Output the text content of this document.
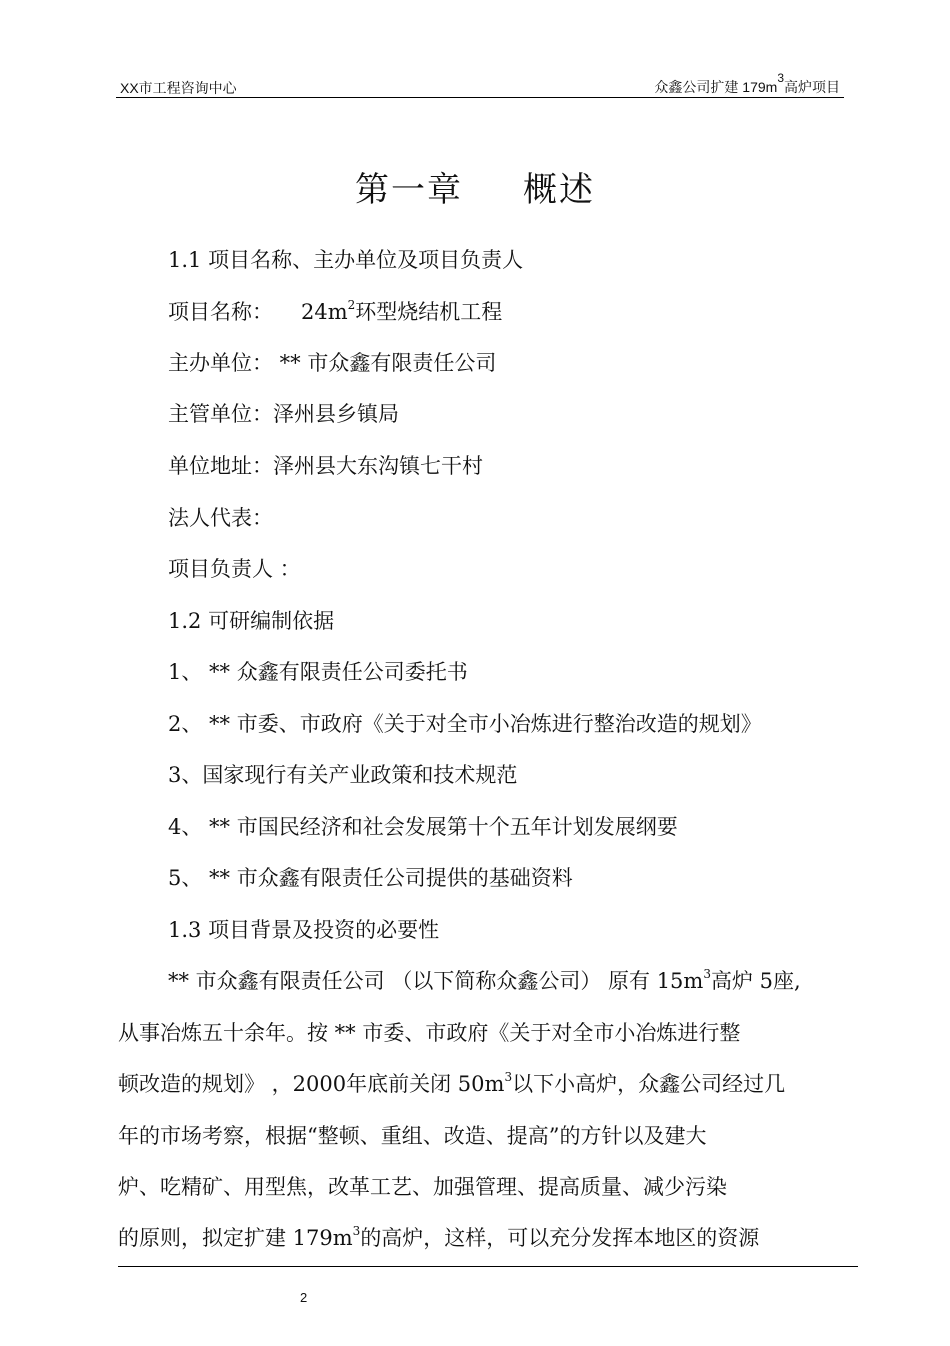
XX市工程咨询中心	众鑫公司扩建 $179m^3$高炉项目
第一章 概述
1.1 项目名称、主办单位及项目负责人
项目名称： $24m^2$环型烧结机工程
主办单位： ** 市众鑫有限责任公司
主管单位：泽州县乡镇局
单位地址：泽州县大东沟镇七干村
法人代表：
项目负责人 ：
1.2 可研编制依据
1、 ** 众鑫有限责任公司委托书
2、 ** 市委、市政府《关于对全市小冶炼进行整治改造的规划》
3、国家现行有关产业政策和技术规范
4、 ** 市国民经济和社会发展第十个五年计划发展纲要
5、 ** 市众鑫有限责任公司提供的基础资料
1.3 项目背景及投资的必要性
** 市众鑫有限责任公司 （以下简称众鑫公司） 原有 $15m^3$高炉 5座,
从事冶炼五十余年。按 ** 市委、市政府《关于对全市小冶炼进行整
顿改造的规划》 ，2000年底前关闭 $50m^3$以下小高炉，众鑫公司经过几
年的市场考察，根据“整顿、重组、改造、提高”的方针以及建大
炉、吃精矿、用型焦，改革工艺、加强管理、提高质量、减少污染
的原则，拟定扩建 $179m^3$的高炉，这样，可以充分发挥本地区的资源
2
